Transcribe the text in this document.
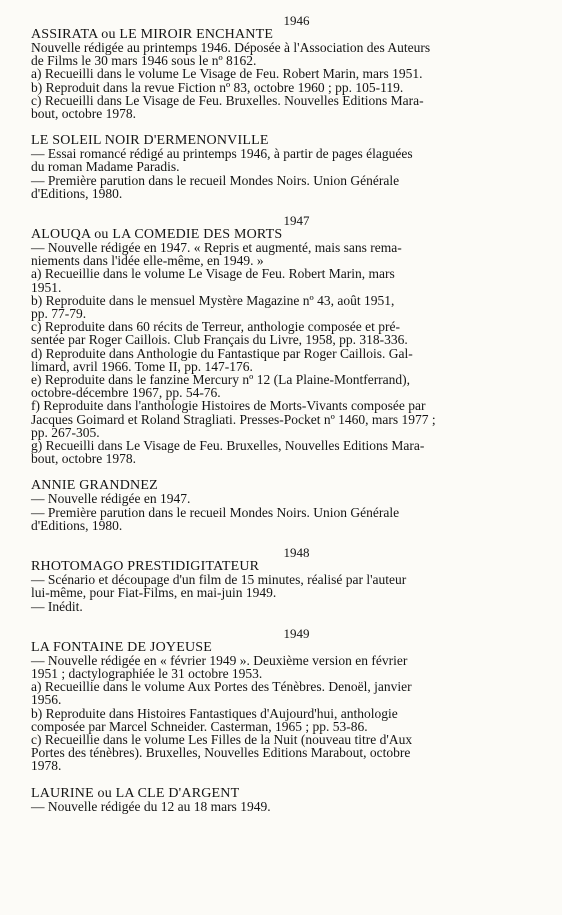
1946
ASSIRATA ou LE MIROIR ENCHANTE
Nouvelle rédigée au printemps 1946. Déposée à l'Association des Auteurs
de Films le 30 mars 1946 sous le nº 8162.
a) Recueilli dans le volume Le Visage de Feu. Robert Marin, mars 1951.
b) Reproduit dans la revue Fiction nº 83, octobre 1960 ; pp. 105-119.
c) Recueilli dans Le Visage de Feu. Bruxelles. Nouvelles Editions Mara-
bout, octobre 1978.
LE SOLEIL NOIR D'ERMENONVILLE
— Essai romancé rédigé au printemps 1946, à partir de pages élaguées
du roman Madame Paradis.
— Première parution dans le recueil Mondes Noirs. Union Générale
d'Editions, 1980.
1947
ALOUQA ou LA COMEDIE DES MORTS
— Nouvelle rédigée en 1947. « Repris et augmenté, mais sans rema-
niements dans l'idée elle-même, en 1949. »
a) Recueillie dans le volume Le Visage de Feu. Robert Marin, mars
1951.
b) Reproduite dans le mensuel Mystère Magazine nº 43, août 1951,
pp. 77-79.
c) Reproduite dans 60 récits de Terreur, anthologie composée et pré-
sentée par Roger Caillois. Club Français du Livre, 1958, pp. 318-336.
d) Reproduite dans Anthologie du Fantastique par Roger Caillois. Gal-
limard, avril 1966. Tome II, pp. 147-176.
e) Reproduite dans le fanzine Mercury nº 12 (La Plaine-Montferrand),
octobre-décembre 1967, pp. 54-76.
f) Reproduite dans l'anthologie Histoires de Morts-Vivants composée par
Jacques Goimard et Roland Stragliati. Presses-Pocket nº 1460, mars 1977 ;
pp. 267-305.
g) Recueilli dans Le Visage de Feu. Bruxelles, Nouvelles Editions Mara-
bout, octobre 1978.
ANNIE GRANDNEZ
— Nouvelle rédigée en 1947.
— Première parution dans le recueil Mondes Noirs. Union Générale
d'Editions, 1980.
1948
RHOTOMAGO PRESTIDIGITATEUR
— Scénario et découpage d'un film de 15 minutes, réalisé par l'auteur
lui-même, pour Fiat-Films, en mai-juin 1949.
— Inédit.
1949
LA FONTAINE DE JOYEUSE
— Nouvelle rédigée en « février 1949 ». Deuxième version en février
1951 ; dactylographiée le 31 octobre 1953.
a) Recueillie dans le volume Aux Portes des Ténèbres. Denoël, janvier
1956.
b) Reproduite dans Histoires Fantastiques d'Aujourd'hui, anthologie
composée par Marcel Schneider. Casterman, 1965 ; pp. 53-86.
c) Recueillie dans le volume Les Filles de la Nuit (nouveau titre d'Aux
Portes des ténèbres). Bruxelles, Nouvelles Editions Marabout, octobre
1978.
LAURINE ou LA CLE D'ARGENT
— Nouvelle rédigée du 12 au 18 mars 1949.
